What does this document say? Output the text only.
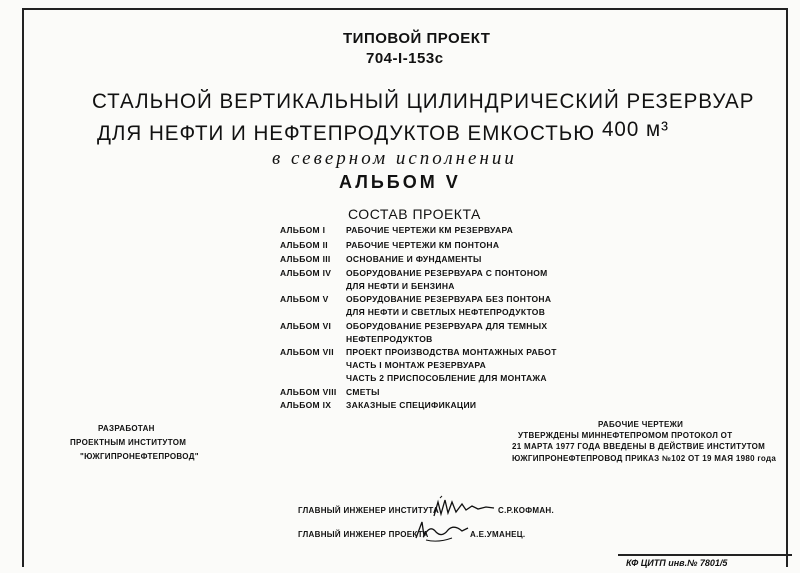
ТИПОВОЙ ПРОЕКТ
704-I-153с
СТАЛЬНОЙ ВЕРТИКАЛЬНЫЙ ЦИЛИНДРИЧЕСКИЙ РЕЗЕРВУАР
ДЛЯ НЕФТИ И НЕФТЕПРОДУКТОВ ЕМКОСТЬЮ 400 м³
в северном исполнении
АЛЬБОМ V
СОСТАВ ПРОЕКТА
АЛЬБОМ I РАБОЧИЕ ЧЕРТЕЖИ КМ РЕЗЕРВУАРА
АЛЬБОМ II РАБОЧИЕ ЧЕРТЕЖИ КМ ПОНТОНА
АЛЬБОМ III ОСНОВАНИЕ И ФУНДАМЕНТЫ
АЛЬБОМ IV ОБОРУДОВАНИЕ РЕЗЕРВУАРА С ПОНТОНОМ
ДЛЯ НЕФТИ И БЕНЗИНА
АЛЬБОМ V ОБОРУДОВАНИЕ РЕЗЕРВУАРА БЕЗ ПОНТОНА
ДЛЯ НЕФТИ И СВЕТЛЫХ НЕФТЕПРОДУКТОВ
АЛЬБОМ VI ОБОРУДОВАНИЕ РЕЗЕРВУАРА ДЛЯ ТЕМНЫХ
НЕФТЕПРОДУКТОВ
АЛЬБОМ VII ПРОЕКТ ПРОИЗВОДСТВА МОНТАЖНЫХ РАБОТ
ЧАСТЬ I МОНТАЖ РЕЗЕРВУАРА
ЧАСТЬ 2 ПРИСПОСОБЛЕНИЕ ДЛЯ МОНТАЖА
АЛЬБОМ VIII СМЕТЫ
АЛЬБОМ IX ЗАКАЗНЫЕ СПЕЦИФИКАЦИИ
РАЗРАБОТАН
ПРОЕКТНЫМ ИНСТИТУТОМ
"ЮЖГИПРОНЕФТЕПРОВОД"
РАБОЧИЕ ЧЕРТЕЖИ
УТВЕРЖДЕНЫ МИННЕФТЕПРОМОМ ПРОТОКОЛ ОТ
21 МАРТА 1977 ГОДА ВВЕДЕНЫ В ДЕЙСТВИЕ ИНСТИТУТОМ
ЮЖГИПРОНЕФТЕПРОВОД ПРИКАЗ №102 ОТ 19 МАЯ 1980 года
ГЛАВНЫЙ ИНЖЕНЕР ИНСТИТУТА	С.Р.КОФМАН.
ГЛАВНЫЙ ИНЖЕНЕР ПРОЕКТА	А.Е.УМАНЕЦ.
КФ ЦИТП инв.№ 7801/5
